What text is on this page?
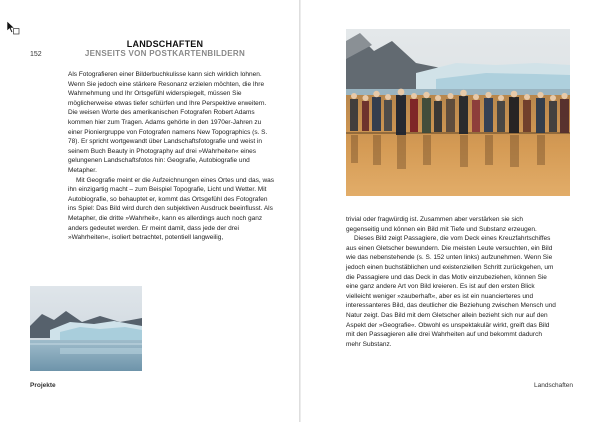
152
LANDSCHAFTEN
JENSEITS VON POSTKARTENBILDERN

Als Fotografieren einer Bilderbuchkulisse kann sich wirklich lohnen. Wenn Sie jedoch eine stärkere Resonanz erzielen möchten, die Ihre Wahrnehmung und Ihr Ortsgefühl widerspiegelt, müssen Sie möglicherweise etwas tiefer schürfen und Ihre Perspektive erweitern. Die weisen Worte des amerikanischen Fotografen Robert Adams kommen hier zum Tragen. Adams gehörte in den 1970er-Jahren zu einer Pioniergruppe von Fotografen namens New Topographics (s. S. 78). Er spricht wortgewandt über Landschaftsfotografie und weist in seinem Buch Beauty in Photography auf drei »Wahrheiten« eines gelungenen Landschaftsfotos hin: Geografie, Autobiografie und Metapher.

Mit Geografie meint er die Aufzeichnungen eines Ortes und das, was ihn einzigartig macht – zum Beispiel Topografie, Licht und Wetter. Mit Autobiografie, so behauptet er, kommt das Ortsgefühl des Fotografen ins Spiel: Das Bild wird durch den subjektiven Ausdruck beeinflusst. Als Metapher, die dritte »Wahrheit«, kann es allerdings auch noch ganz anders gedeutet werden. Er meint damit, dass jede der drei »Wahrheiten«, isoliert betrachtet, potentiell langweilig,

Projekte

trivial oder fragwürdig ist. Zusammen aber verstärken sie sich gegenseitig und können ein Bild mit Tiefe und Substanz erzeugen.

Dieses Bild zeigt Passagiere, die vom Deck eines Kreuzfahrtschiffes aus einen Gletscher bewundern. Die meisten Leute versuchten, ein Bild wie das nebenstehende (s. S. 152 unten links) aufzunehmen. Wenn Sie jedoch einen buchstäblichen und existenziellen Schritt zurückgehen, um die Passagiere und das Deck in das Motiv einzubeziehen, können Sie eine ganz andere Art von Bild kreieren. Es ist auf den ersten Blick vielleicht weniger »zauberhaft«, aber es ist ein nuancierteres und interessanteres Bild, das deutlicher die Beziehung zwischen Mensch und Natur zeigt. Das Bild mit dem Gletscher allein bezieht sich nur auf den Aspekt der »Geografie«. Obwohl es unspektakulär wirkt, greift das Bild mit den Passagieren alle drei Wahrheiten auf und bekommt dadurch mehr Substanz.

Landschaften
